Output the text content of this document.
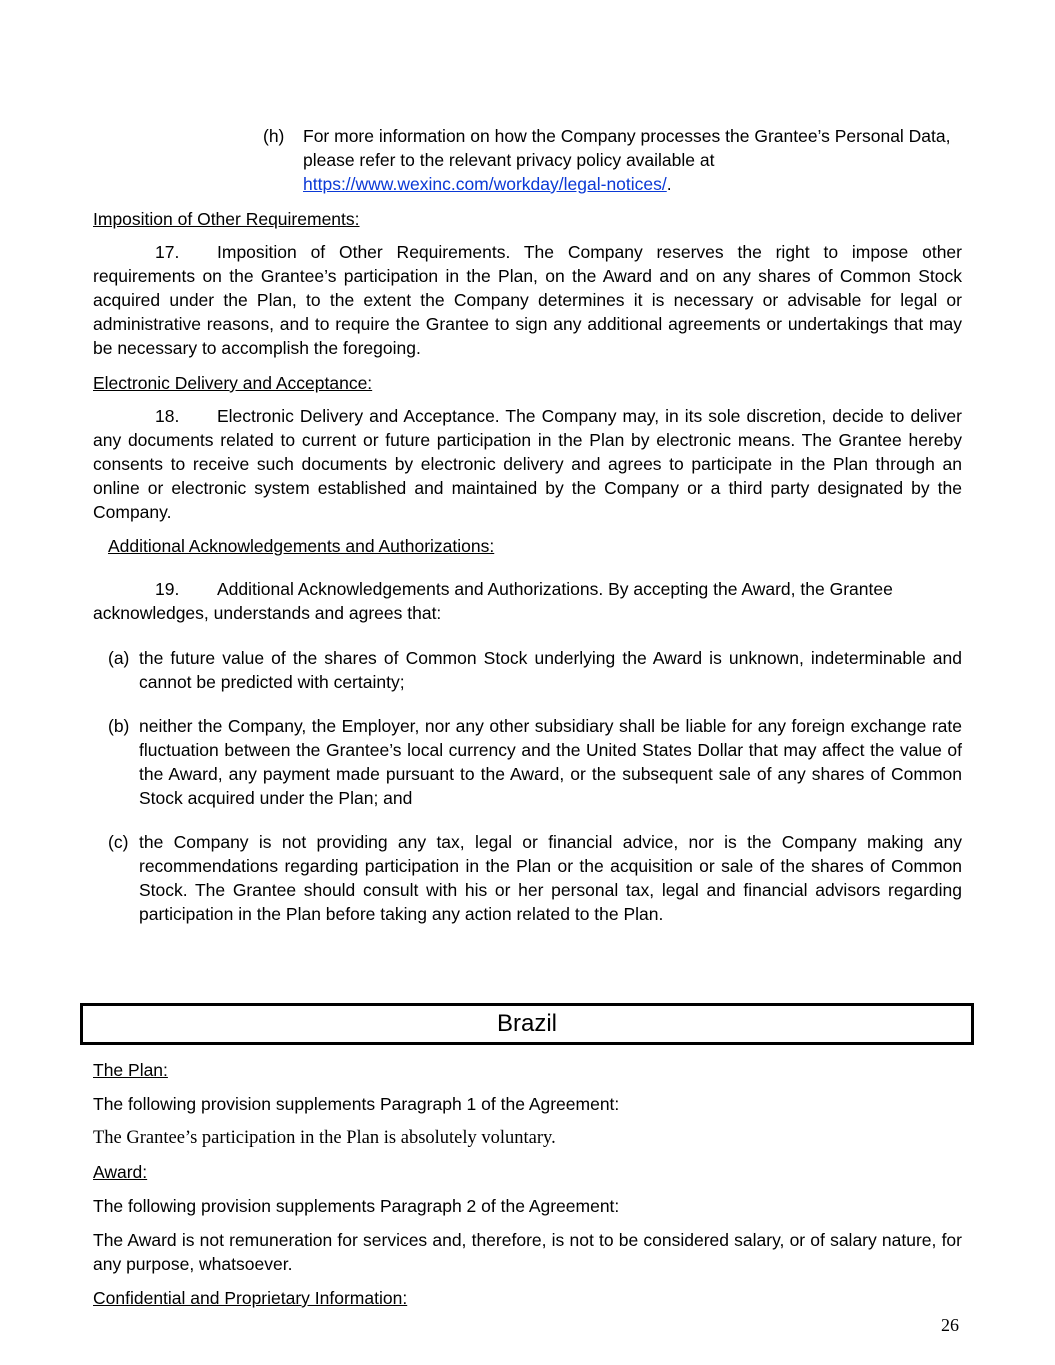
(h)	For more information on how the Company processes the Grantee’s Personal Data, please refer to the relevant privacy policy available at https://www.wexinc.com/workday/legal-notices/.
Imposition of Other Requirements:
17. Imposition of Other Requirements. The Company reserves the right to impose other requirements on the Grantee’s participation in the Plan, on the Award and on any shares of Common Stock acquired under the Plan, to the extent the Company determines it is necessary or advisable for legal or administrative reasons, and to require the Grantee to sign any additional agreements or undertakings that may be necessary to accomplish the foregoing.
Electronic Delivery and Acceptance:
18. Electronic Delivery and Acceptance. The Company may, in its sole discretion, decide to deliver any documents related to current or future participation in the Plan by electronic means. The Grantee hereby consents to receive such documents by electronic delivery and agrees to participate in the Plan through an online or electronic system established and maintained by the Company or a third party designated by the Company.
Additional Acknowledgements and Authorizations:
19. Additional Acknowledgements and Authorizations. By accepting the Award, the Grantee acknowledges, understands and agrees that:
(a) the future value of the shares of Common Stock underlying the Award is unknown, indeterminable and cannot be predicted with certainty;
(b) neither the Company, the Employer, nor any other subsidiary shall be liable for any foreign exchange rate fluctuation between the Grantee’s local currency and the United States Dollar that may affect the value of the Award, any payment made pursuant to the Award, or the subsequent sale of any shares of Common Stock acquired under the Plan; and
(c) the Company is not providing any tax, legal or financial advice, nor is the Company making any recommendations regarding participation in the Plan or the acquisition or sale of the shares of Common Stock. The Grantee should consult with his or her personal tax, legal and financial advisors regarding participation in the Plan before taking any action related to the Plan.
Brazil
The Plan:
The following provision supplements Paragraph 1 of the Agreement:
The Grantee’s participation in the Plan is absolutely voluntary.
Award:
The following provision supplements Paragraph 2 of the Agreement:
The Award is not remuneration for services and, therefore, is not to be considered salary, or of salary nature, for any purpose, whatsoever.
Confidential and Proprietary Information:
26
